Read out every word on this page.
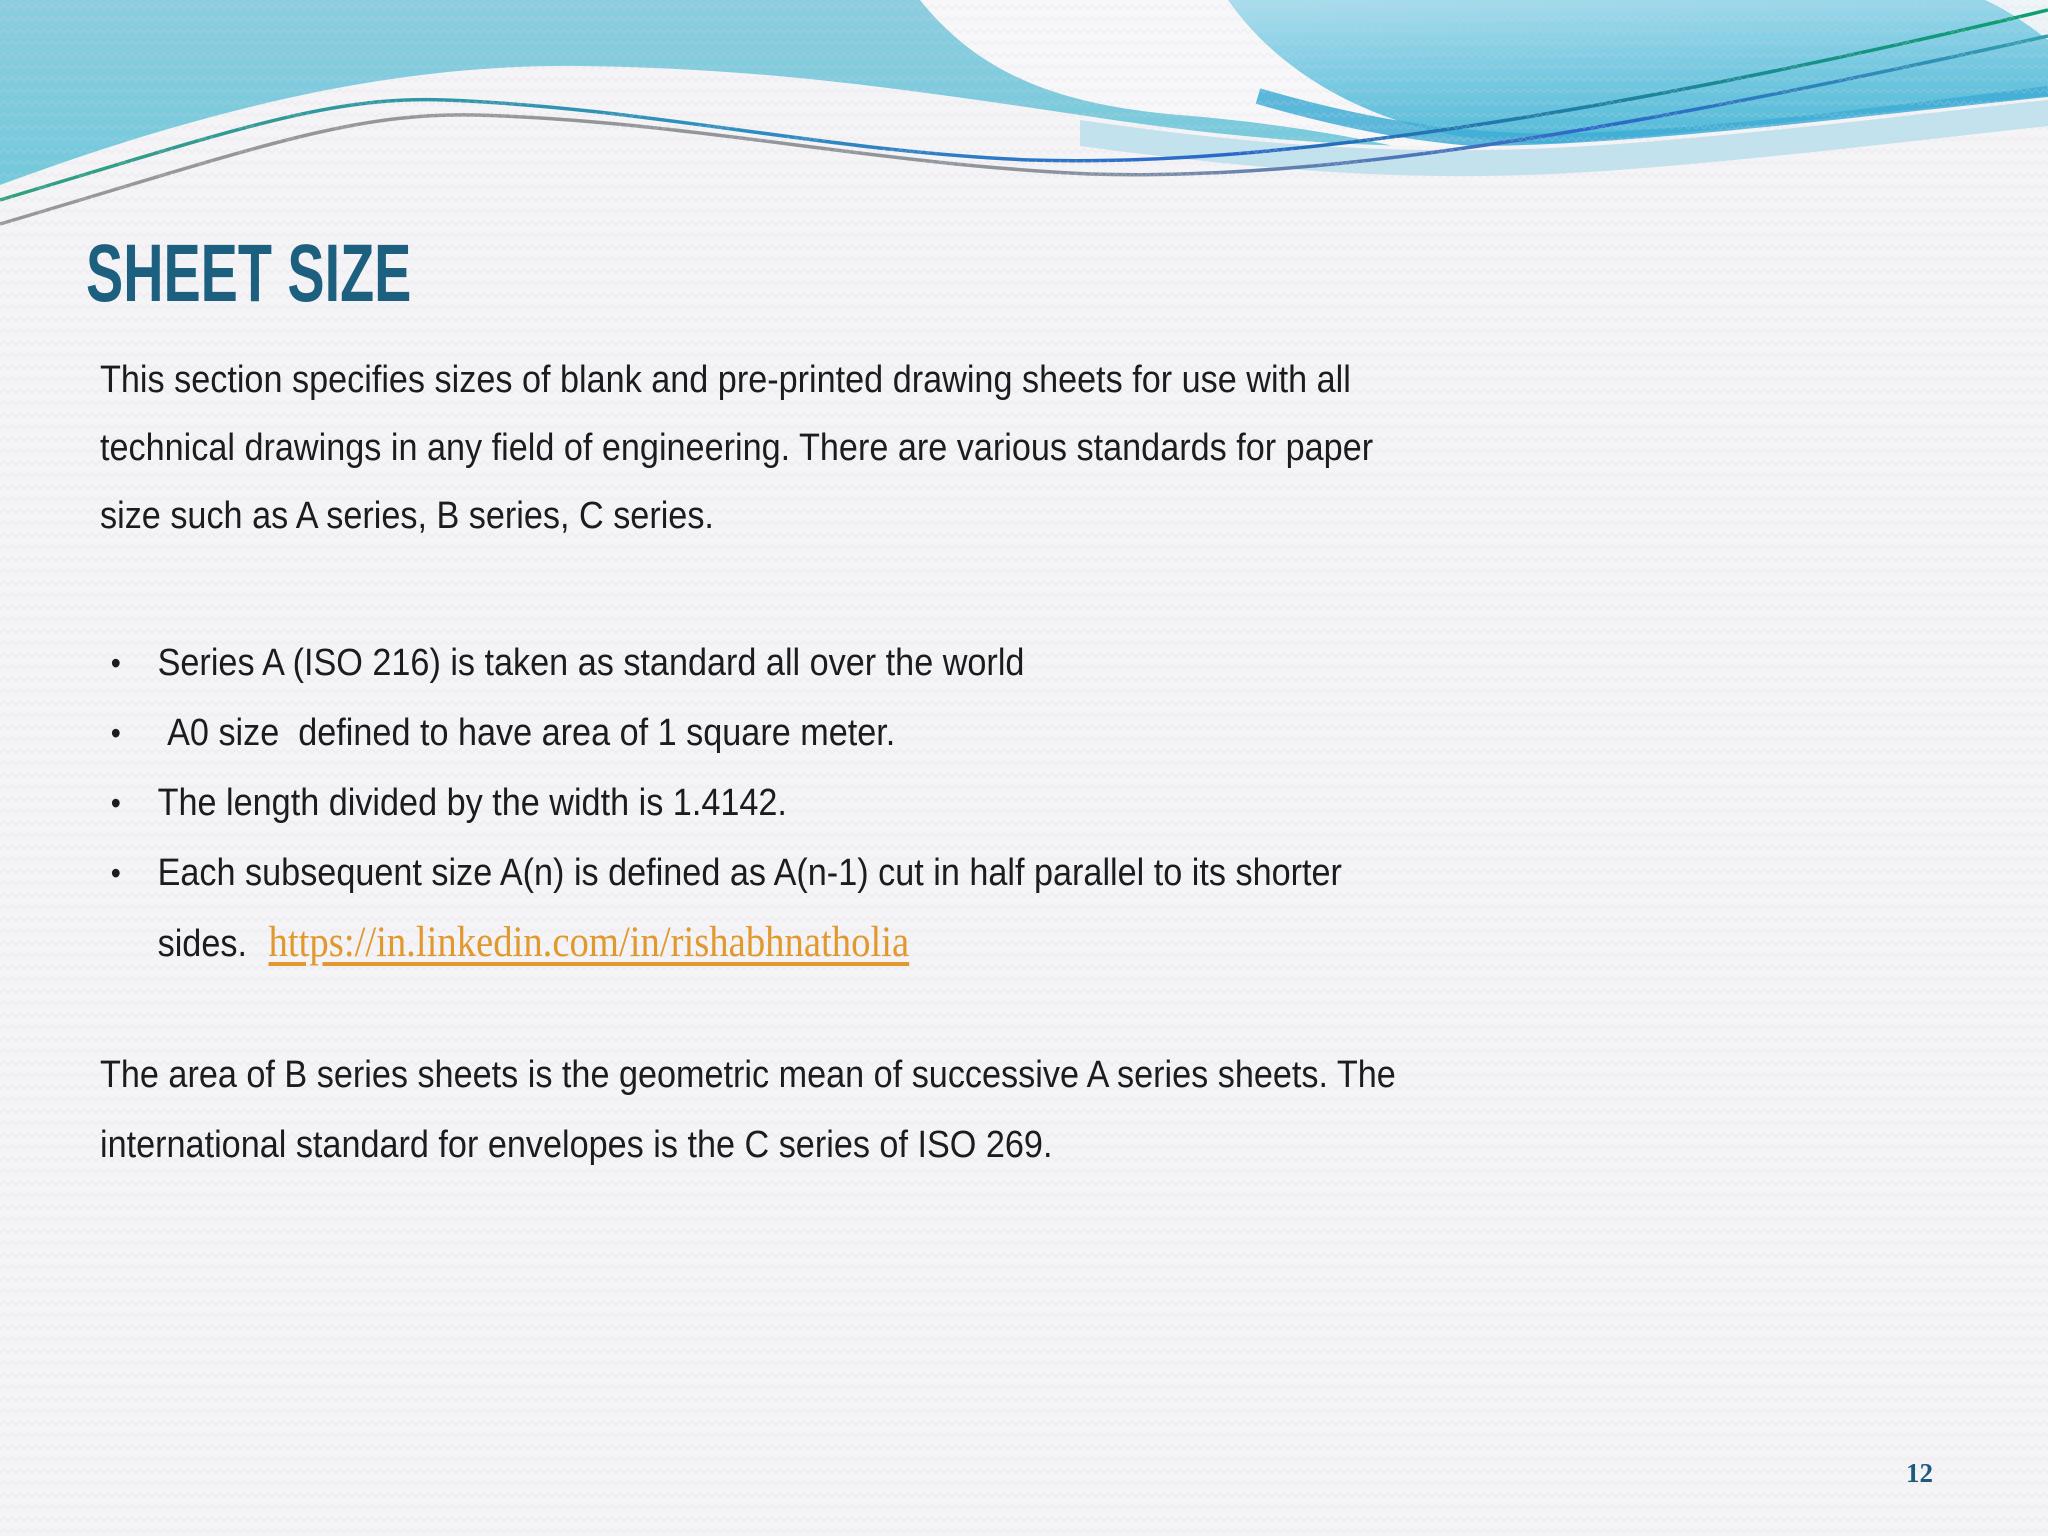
SHEET SIZE

This section specifies sizes of blank and pre-printed drawing sheets for use with all technical drawings in any field of engineering. There are various standards for paper size such as A series, B series, C series.

• Series A (ISO 216) is taken as standard all over the world
• A0 size  defined to have area of 1 square meter.
• The length divided by the width is 1.4142.
• Each subsequent size A(n) is defined as A(n-1) cut in half parallel to its shorter sides. https://in.linkedin.com/in/rishabhnatholia

The area of B series sheets is the geometric mean of successive A series sheets. The international standard for envelopes is the C series of ISO 269.

12
